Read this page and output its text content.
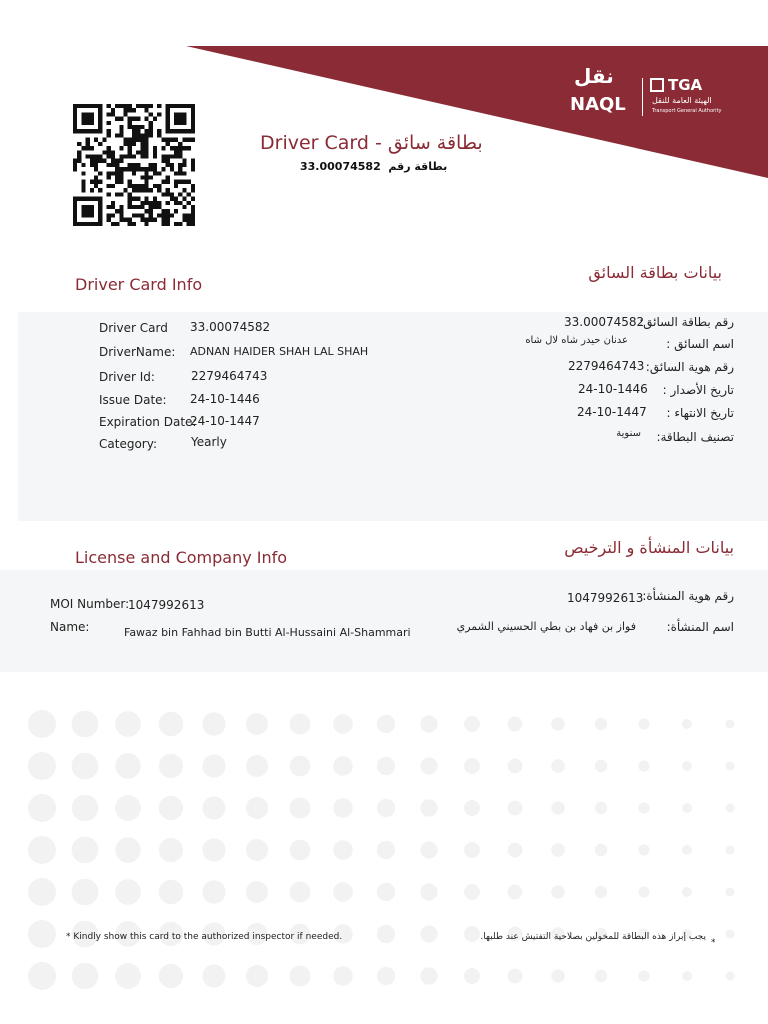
نقل
NAQL
TGA
الهيئة العامة للنقل
Transport General Authority
Driver Card - بطاقة سائق
33.00074582 بطاقة رقم
Driver Card Info
بيانات بطاقة السائق
Driver Card 33.00074582
DriverName: ADNAN HAIDER SHAH LAL SHAH
Driver Id:	2279464743
Issue Date: 24-10-1446
Expiration Date:
24-10-1447
Category:	Yearly
رقم بطاقة السائق:
33.00074582
اسم السائق :
عدنان حيدر شاه لال شاه
رقم هوية السائق:
2279464743
تاريخ الأصدار :
24-10-1446
تاريخ الانتهاء :
24-10-1447
تصنيف البطاقة:
سنوية
License and Company Info
بيانات المنشأة و الترخيص
MOI Number:
1047992613
Name:	Fawaz bin Fahhad bin Butti Al-Hussaini Al-Shammari
رقم هوية المنشأة:
1047992613
اسم المنشأة:
فواز بن فهاد بن بطي الحسيني الشمري
* Kindly show this card to the authorized inspector if needed.	يجب إبراز هذه البطاقة للمخولين بصلاحية التفتيش عند طلبها.
*
